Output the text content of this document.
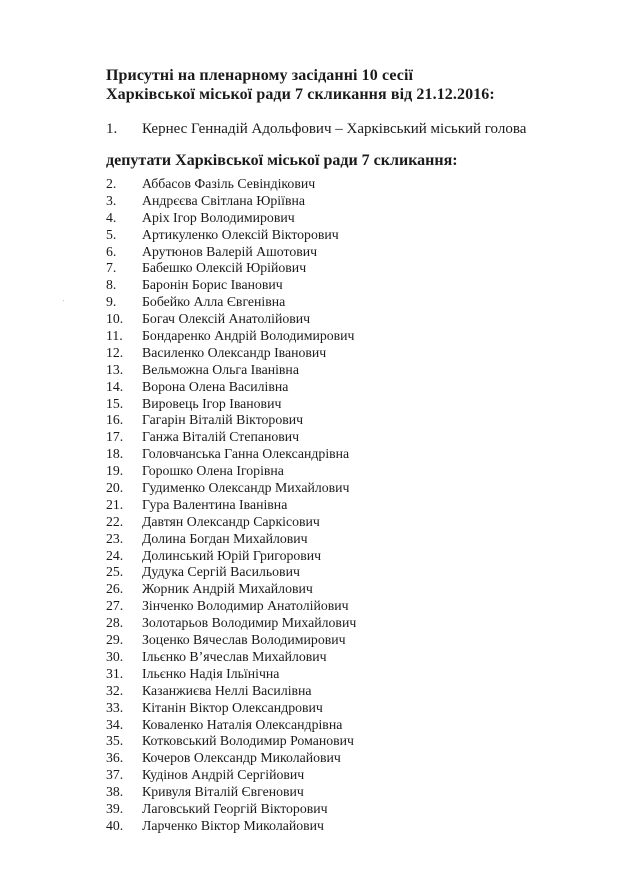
Присутні на пленарному засіданні 10 сесії
Харківської міської ради 7 скликання від 21.12.2016:
1. Кернес Геннадій Адольфович – Харківський міський голова
депутати Харківської міської ради 7 скликання:
2. Аббасов Фазіль Севіндікович
3. Андрєєва Світлана Юріївна
4. Аріх Ігор Володимирович
5. Артикуленко Олексій Вікторович
6. Арутюнов Валерій Ашотович
7. Бабешко Олексій Юрійович
8. Баронін Борис Іванович
9. Бобейко Алла Євгенівна
10. Богач Олексій Анатолійович
11. Бондаренко Андрій Володимирович
12. Василенко Олександр Іванович
13. Вельможна Ольга Іванівна
14. Ворона Олена Василівна
15. Вировець Ігор Іванович
16. Гагарін Віталій Вікторович
17. Ганжа Віталій Степанович
18. Головчанська Ганна Олександрівна
19. Горошко Олена Ігорівна
20. Гудименко Олександр Михайлович
21. Гура Валентина Іванівна
22. Давтян Олександр Саркісович
23. Долина Богдан Михайлович
24. Долинський Юрій Григорович
25. Дудука Сергій Васильович
26. Жорник Андрій Михайлович
27. Зінченко Володимир Анатолійович
28. Золотарьов Володимир Михайлович
29. Зоценко Вячеслав Володимирович
30. Ільєнко В’ячеслав Михайлович
31. Ільєнко Надія Ільїнічна
32. Казанжиєва Неллі Василівна
33. Кітанін Віктор Олександрович
34. Коваленко Наталія Олександрівна
35. Котковський Володимир Романович
36. Кочеров Олександр Миколайович
37. Кудінов Андрій Сергійович
38. Кривуля Віталій Євгенович
39. Лаговський Георгій Вікторович
40. Ларченко Віктор Миколайович
